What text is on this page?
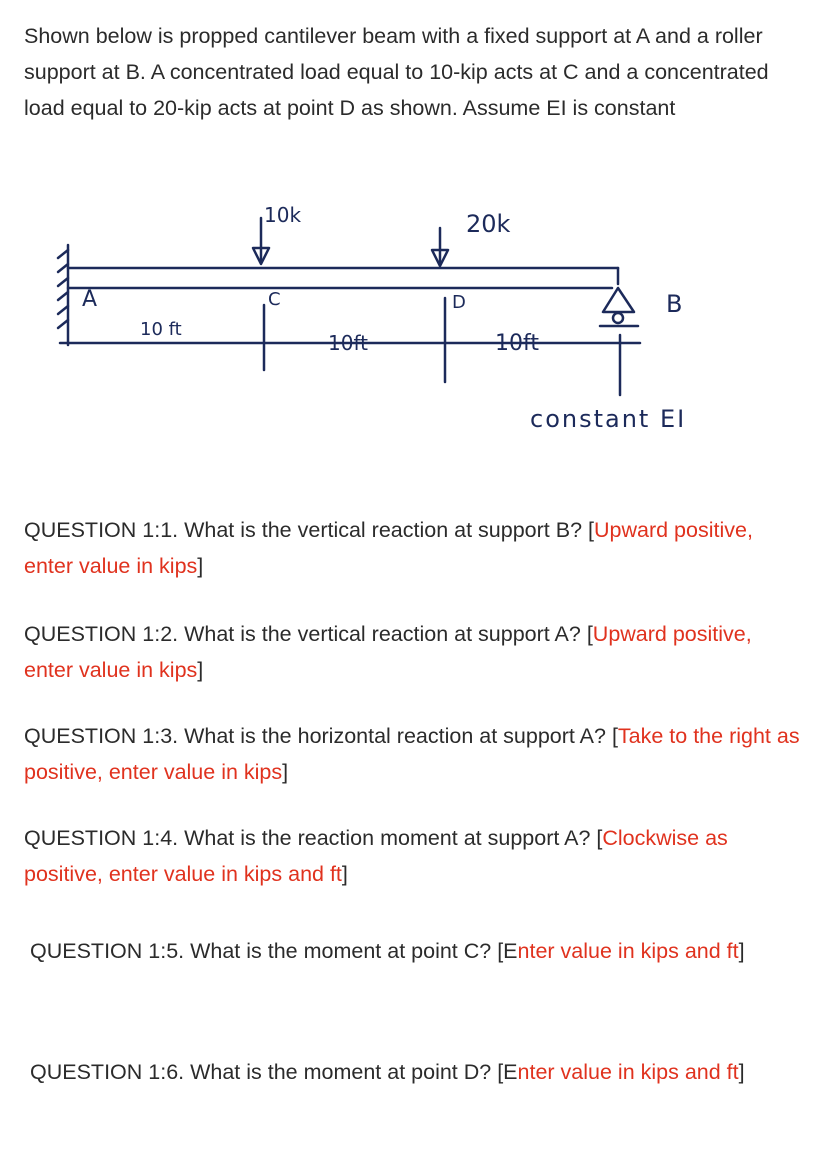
Shown below is propped cantilever beam with a fixed support at A and a roller support at B. A concentrated load equal to 10-kip acts at C and a concentrated load equal to 20-kip acts at point D as shown. Assume EI is constant
A	B
C	D
10k	20k
10 ft
10ft	10ft
constant EI
QUESTION 1:1. What is the vertical reaction at support B? [Upward positive, enter value in kips]
QUESTION 1:2. What is the vertical reaction at support A? [Upward positive, enter value in kips]
QUESTION 1:3. What is the horizontal reaction at support A? [Take to the right as positive, enter value in kips]
QUESTION 1:4. What is the reaction moment at support A? [Clockwise as positive, enter value in kips and ft]
QUESTION 1:5. What is the moment at point C? [Enter value in kips and ft]
QUESTION 1:6. What is the moment at point D? [Enter value in kips and ft]
